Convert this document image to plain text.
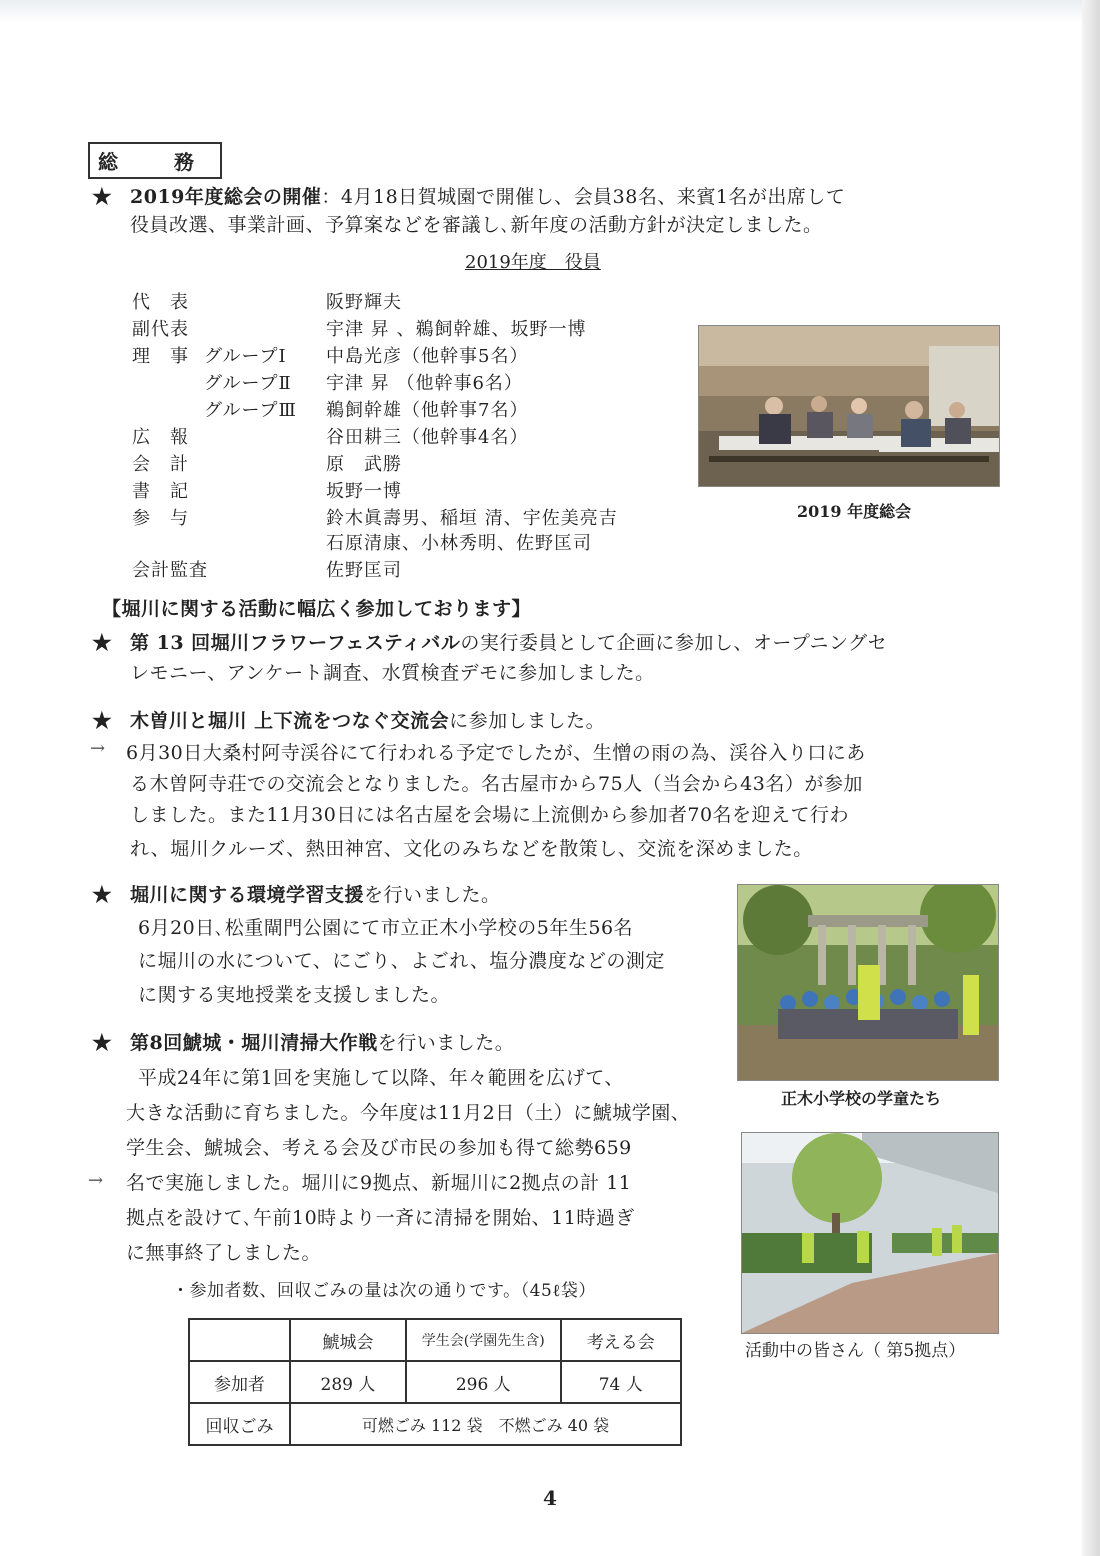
総　務
★ 2019年度総会の開催：4月18日賀城園で開催し、会員38名、来賓1名が出席して
役員改選、事業計画、予算案などを審議し､新年度の活動方針が決定しました。
2019年度　役員
代　表	阪野輝夫
副代表	宇津 昇 、鵜飼幹雄、坂野一博
理　事 グループⅠ 中島光彦（他幹事5名）
グループⅡ 宇津 昇 （他幹事6名）
グループⅢ 鵜飼幹雄（他幹事7名）
広　報	谷田耕三（他幹事4名）
会　計	原　武勝
書　記	坂野一博
参　与	鈴木眞壽男、稲垣 清、宇佐美亮吉
石原清康、小林秀明、佐野匡司
会計監査	佐野匡司
2019 年度総会
【堀川に関する活動に幅広く参加しております】
★ 第 13 回堀川フラワーフェスティバルの実行委員として企画に参加し、オープニングセ
レモニー、アンケート調査、水質検査デモに参加しました。
★ 木曽川と堀川 上下流をつなぐ交流会に参加しました。
→ 6月30日大桑村阿寺渓谷にて行われる予定でしたが、生憎の雨の為、渓谷入り口にあ
る木曽阿寺荘での交流会となりました。名古屋市から75人（当会から43名）が参加
しました。また11月30日には名古屋を会場に上流側から参加者70名を迎えて行わ
れ、堀川クルーズ、熱田神宮、文化のみちなどを散策し、交流を深めました。
★ 堀川に関する環境学習支援を行いました。
6月20日､松重閘門公園にて市立正木小学校の5年生56名
に堀川の水について、にごり、よごれ、塩分濃度などの測定
に関する実地授業を支援しました。
正木小学校の学童たち
★ 第8回鯱城・堀川清掃大作戦を行いました。
平成24年に第1回を実施して以降、年々範囲を広げて、
大きな活動に育ちました。今年度は11月2日（土）に鯱城学園、
学生会、鯱城会、考える会及び市民の参加も得て総勢659
→ 名で実施しました。堀川に9拠点、新堀川に2拠点の計 11
拠点を設けて､午前10時より一斉に清掃を開始、11時過ぎ
に無事終了しました。
・参加者数、回収ごみの量は次の通りです。（45ℓ袋）
活動中の皆さん（ 第5拠点）
	鯱城会	学生会(学園先生含)	考える会
参加者	289 人	296 人	74 人
回収ごみ	可燃ごみ 112 袋　不燃ごみ 40 袋		
4
